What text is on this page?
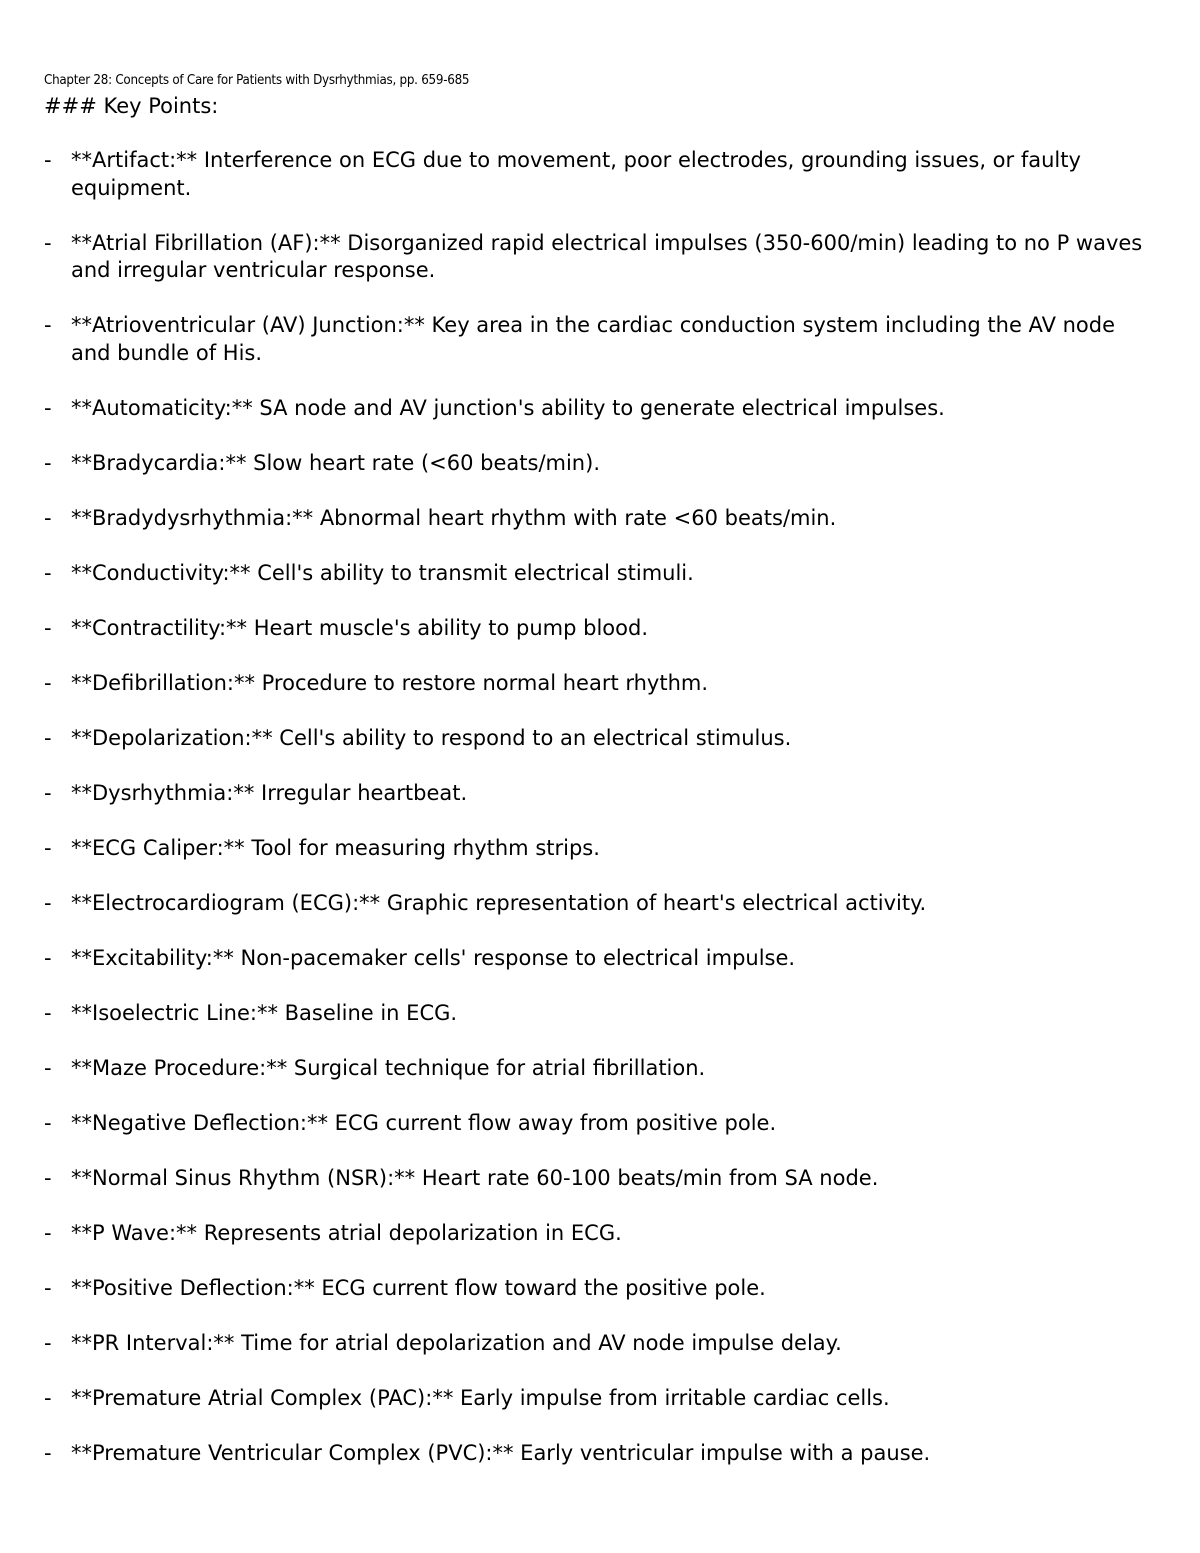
Chapter 28: Concepts of Care for Patients with Dysrhythmias, pp. 659-685
### Key Points:
- **Artifact:** Interference on ECG due to movement, poor electrodes, grounding issues, or faulty equipment.
- **Atrial Fibrillation (AF):** Disorganized rapid electrical impulses (350-600/min) leading to no P waves and irregular ventricular response.
- **Atrioventricular (AV) Junction:** Key area in the cardiac conduction system including the AV node and bundle of His.
- **Automaticity:** SA node and AV junction's ability to generate electrical impulses.
- **Bradycardia:** Slow heart rate (<60 beats/min).
- **Bradydysrhythmia:** Abnormal heart rhythm with rate <60 beats/min.
- **Conductivity:** Cell's ability to transmit electrical stimuli.
- **Contractility:** Heart muscle's ability to pump blood.
- **Defibrillation:** Procedure to restore normal heart rhythm.
- **Depolarization:** Cell's ability to respond to an electrical stimulus.
- **Dysrhythmia:** Irregular heartbeat.
- **ECG Caliper:** Tool for measuring rhythm strips.
- **Electrocardiogram (ECG):** Graphic representation of heart's electrical activity.
- **Excitability:** Non-pacemaker cells' response to electrical impulse.
- **Isoelectric Line:** Baseline in ECG.
- **Maze Procedure:** Surgical technique for atrial fibrillation.
- **Negative Deflection:** ECG current flow away from positive pole.
- **Normal Sinus Rhythm (NSR):** Heart rate 60-100 beats/min from SA node.
- **P Wave:** Represents atrial depolarization in ECG.
- **Positive Deflection:** ECG current flow toward the positive pole.
- **PR Interval:** Time for atrial depolarization and AV node impulse delay.
- **Premature Atrial Complex (PAC):** Early impulse from irritable cardiac cells.
- **Premature Ventricular Complex (PVC):** Early ventricular impulse with a pause.
